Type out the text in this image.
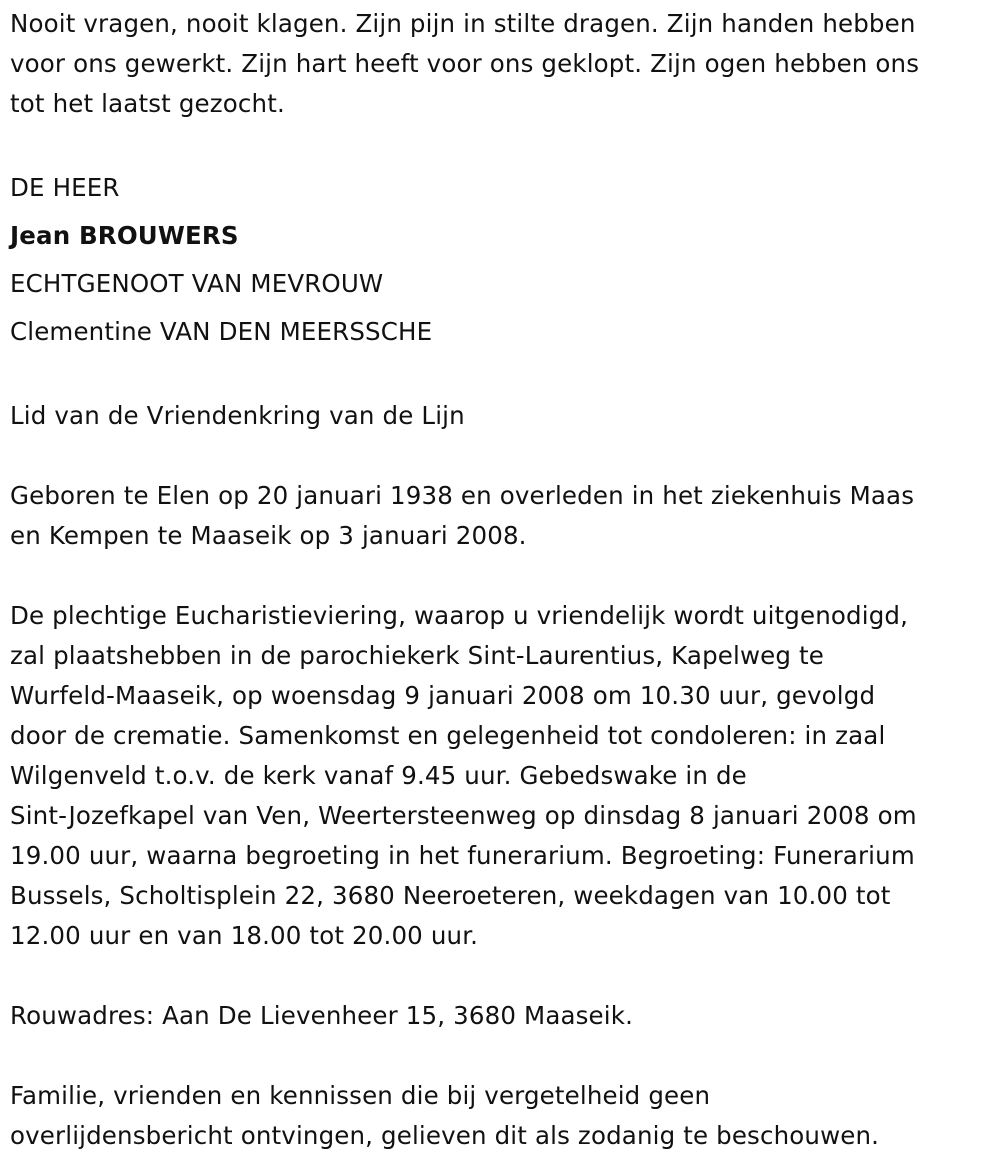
Nooit vragen, nooit klagen. Zijn pijn in stilte dragen. Zijn handen hebben
voor ons gewerkt. Zijn hart heeft voor ons geklopt. Zijn ogen hebben ons
tot het laatst gezocht.

DE HEER

Jean BROUWERS

ECHTGENOOT VAN MEVROUW

Clementine VAN DEN MEERSSCHE

Lid van de Vriendenkring van de Lijn

Geboren te Elen op 20 januari 1938 en overleden in het ziekenhuis Maas
en Kempen te Maaseik op 3 januari 2008.

De plechtige Eucharistieviering, waarop u vriendelijk wordt uitgenodigd,
zal plaatshebben in de parochiekerk Sint-Laurentius, Kapelweg te
Wurfeld-Maaseik, op woensdag 9 januari 2008 om 10.30 uur, gevolgd
door de crematie. Samenkomst en gelegenheid tot condoleren: in zaal
Wilgenveld t.o.v. de kerk vanaf 9.45 uur. Gebedswake in de
Sint-Jozefkapel van Ven, Weertersteenweg op dinsdag 8 januari 2008 om
19.00 uur, waarna begroeting in het funerarium. Begroeting: Funerarium
Bussels, Scholtisplein 22, 3680 Neeroeteren, weekdagen van 10.00 tot
12.00 uur en van 18.00 tot 20.00 uur.

Rouwadres: Aan De Lievenheer 15, 3680 Maaseik.

Familie, vrienden en kennissen die bij vergetelheid geen
overlijdensbericht ontvingen, gelieven dit als zodanig te beschouwen.
